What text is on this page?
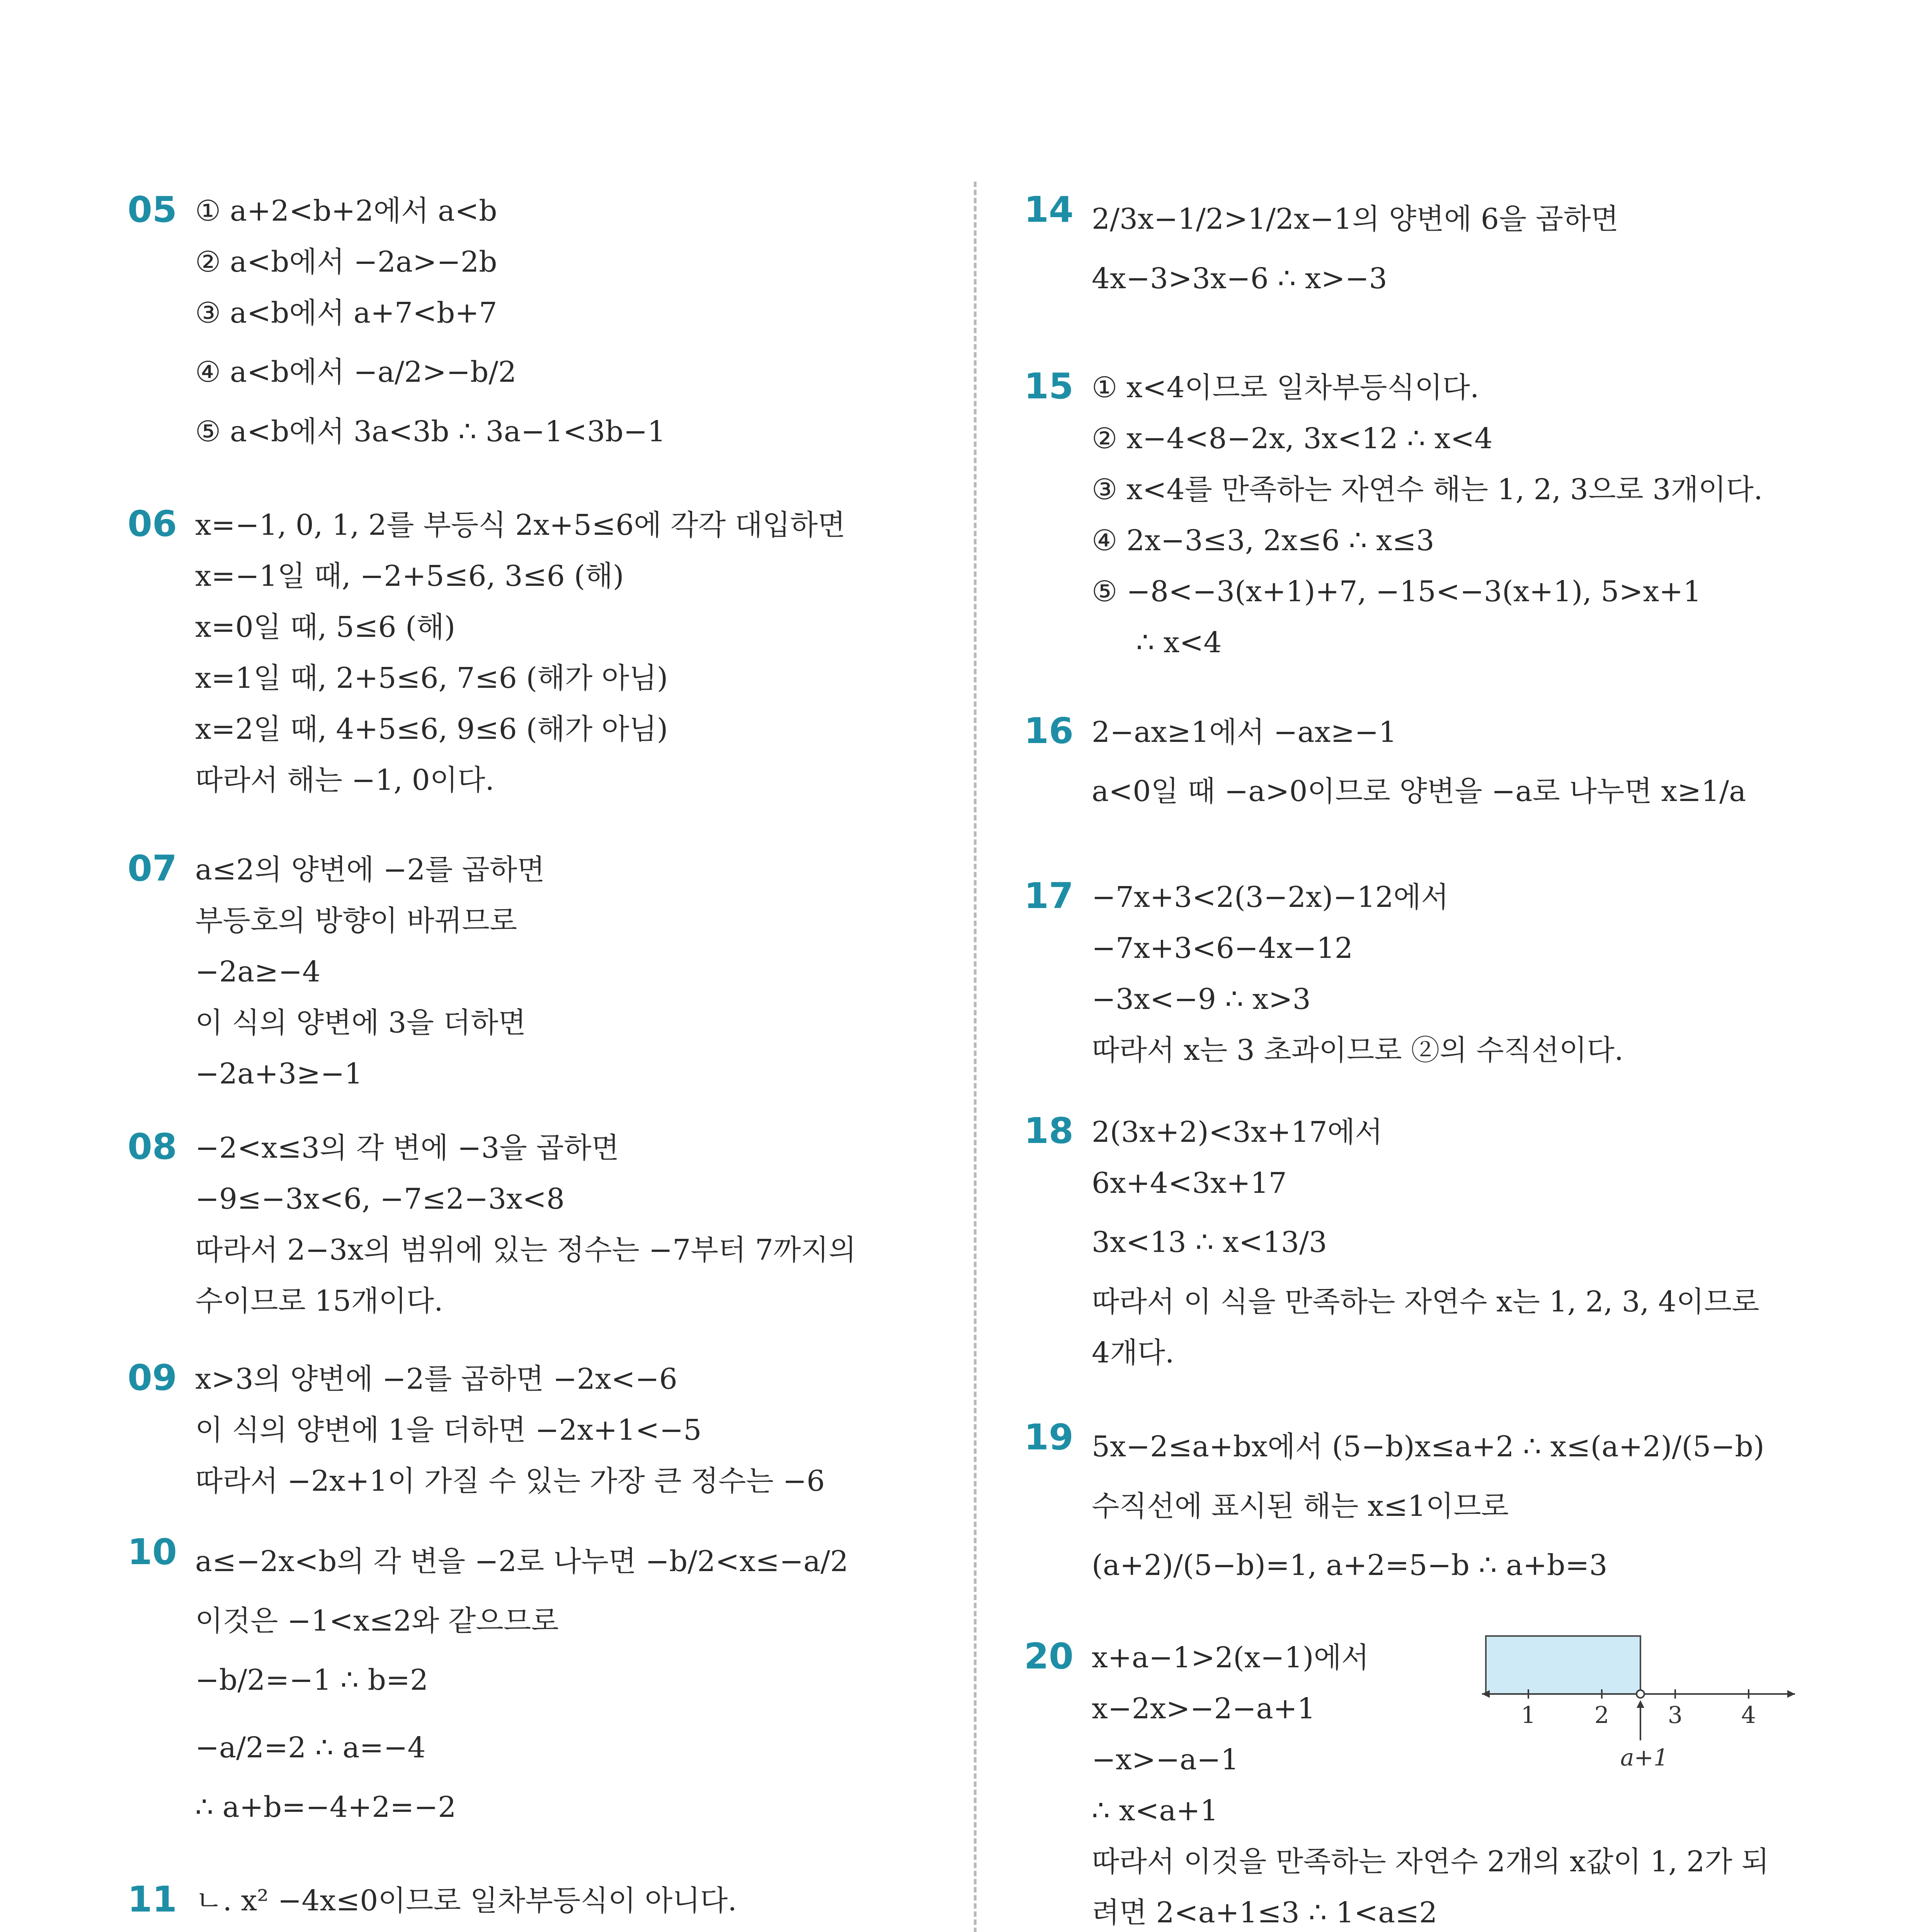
05 ① a+2<b+2에서 a<b
② a<b에서 −2a>−2b
③ a<b에서 a+7<b+7
④ a<b에서 −a/2>−b/2
⑤ a<b에서 3a<3b ∴ 3a−1<3b−1
06 x=−1, 0, 1, 2를 부등식 2x+5≤6에 각각 대입하면
x=−1일 때, −2+5≤6, 3≤6 (해)
x=0일 때, 5≤6 (해)
x=1일 때, 2+5≤6, 7≤6 (해가 아님)
x=2일 때, 4+5≤6, 9≤6 (해가 아님)
따라서 해는 −1, 0이다.
07 a≤2의 양변에 −2를 곱하면
부등호의 방향이 바뀌므로
−2a≥−4
이 식의 양변에 3을 더하면
−2a+3≥−1
08 −2<x≤3의 각 변에 −3을 곱하면
−9≤−3x<6, −7≤2−3x<8
따라서 2−3x의 범위에 있는 정수는 −7부터 7까지의
수이므로 15개이다.
09 x>3의 양변에 −2를 곱하면 −2x<−6
이 식의 양변에 1을 더하면 −2x+1<−5
따라서 −2x+1이 가질 수 있는 가장 큰 정수는 −6
10 a≤−2x<b의 각 변을 −2로 나누면 −b/2<x≤−a/2
이것은 −1<x≤2와 같으므로
−b/2=−1 ∴ b=2
−a/2=2 ∴ a=−4
∴ a+b=−4+2=−2
11 ㄴ. x² −4x≤0이므로 일차부등식이 아니다.
14 2/3x−1/2>1/2x−1의 양변에 6을 곱하면
4x−3>3x−6 ∴ x>−3
15 ① x<4이므로 일차부등식이다.
② x−4<8−2x, 3x<12 ∴ x<4
③ x<4를 만족하는 자연수 해는 1, 2, 3으로 3개이다.
④ 2x−3≤3, 2x≤6 ∴ x≤3
⑤ −8<−3(x+1)+7, −15<−3(x+1), 5>x+1
∴ x<4
16 2−ax≥1에서 −ax≥−1
a<0일 때 −a>0이므로 양변을 −a로 나누면 x≥1/a
17 −7x+3<2(3−2x)−12에서
−7x+3<6−4x−12
−3x<−9 ∴ x>3
따라서 x는 3 초과이므로 ②의 수직선이다.
18 2(3x+2)<3x+17에서
6x+4<3x+17
3x<13 ∴ x<13/3
따라서 이 식을 만족하는 자연수 x는 1, 2, 3, 4이므로
4개다.
19 5x−2≤a+bx에서 (5−b)x≤a+2 ∴ x≤(a+2)/(5−b)
수직선에 표시된 해는 x≤1이므로
(a+2)/(5−b)=1, a+2=5−b ∴ a+b=3
20 x+a−1>2(x−1)에서
x−2x>−2−a+1
−x>−a−1
∴ x<a+1
따라서 이것을 만족하는 자연수 2개의 x값이 1, 2가 되
려면 2<a+1≤3 ∴ 1<a≤2
1	2	3	4
a+1
